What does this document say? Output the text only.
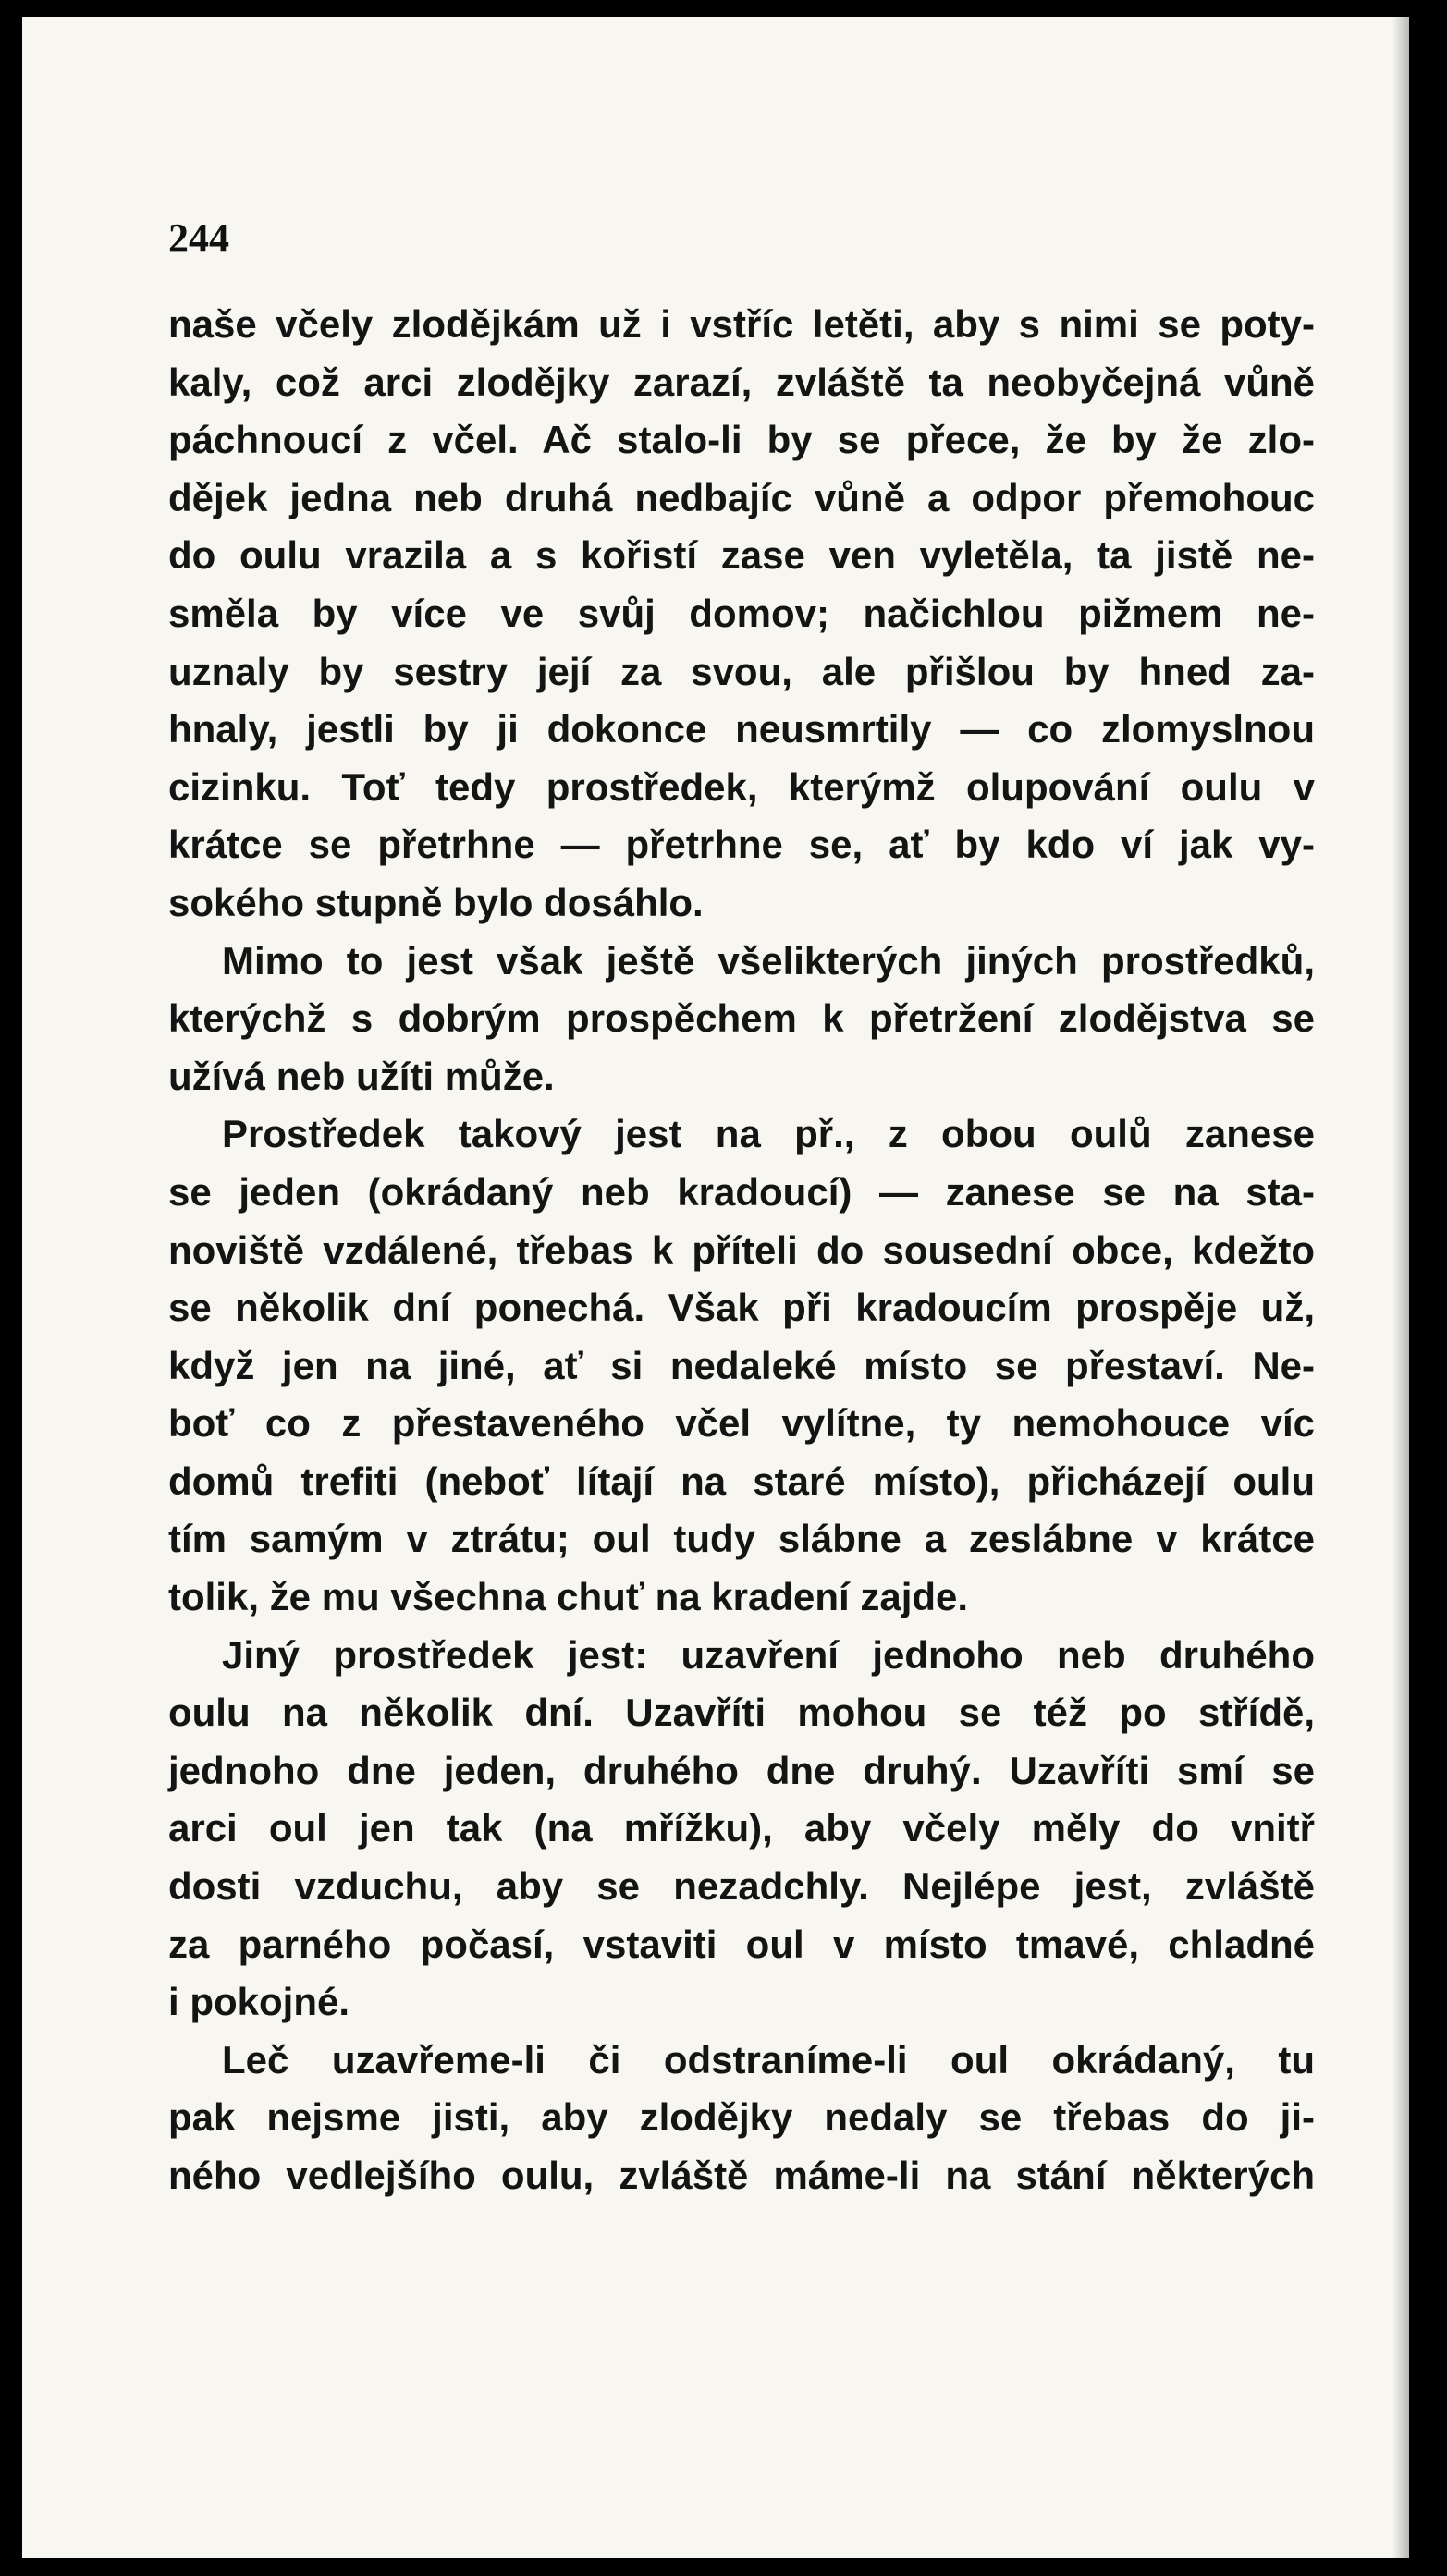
244
naše včely zlodějkám už i vstříc letěti, aby s nimi se poty-
kaly, což arci zlodějky zarazí, zvláště ta neobyčejná vůně
páchnoucí z včel. Ač stalo-li by se přece, že by že zlo-
dějek jedna neb druhá nedbajíc vůně a odpor přemohouc
do oulu vrazila a s kořistí zase ven vyletěla, ta jistě ne-
směla by více ve svůj domov; načichlou pižmem ne-
uznaly by sestry její za svou, ale přišlou by hned za-
hnaly, jestli by ji dokonce neusmrtily — co zlomyslnou
cizinku. Toť tedy prostředek, kterýmž olupování oulu v
krátce se přetrhne — přetrhne se, ať by kdo ví jak vy-
sokého stupně bylo dosáhlo.
Mimo to jest však ještě všelikterých jiných prostředků,
kterýchž s dobrým prospěchem k přetržení zlodějstva se
užívá neb užíti může.
Prostředek takový jest na př., z obou oulů zanese
se jeden (okrádaný neb kradoucí) — zanese se na sta-
noviště vzdálené, třebas k příteli do sousední obce, kdežto
se několik dní ponechá. Však při kradoucím prospěje už,
když jen na jiné, ať si nedaleké místo se přestaví. Ne-
boť co z přestaveného včel vylítne, ty nemohouce víc
domů trefiti (neboť lítají na staré místo), přicházejí oulu
tím samým v ztrátu; oul tudy slábne a zeslábne v krátce
tolik, že mu všechna chuť na kradení zajde.
Jiný prostředek jest: uzavření jednoho neb druhého
oulu na několik dní. Uzavříti mohou se též po střídě,
jednoho dne jeden, druhého dne druhý. Uzavříti smí se
arci oul jen tak (na mřížku), aby včely měly do vnitř
dosti vzduchu, aby se nezadchly. Nejlépe jest, zvláště
za parného počasí, vstaviti oul v místo tmavé, chladné
i pokojné.
Leč uzavřeme-li či odstraníme-li oul okrádaný, tu
pak nejsme jisti, aby zlodějky nedaly se třebas do ji-
ného vedlejšího oulu, zvláště máme-li na stání některých
